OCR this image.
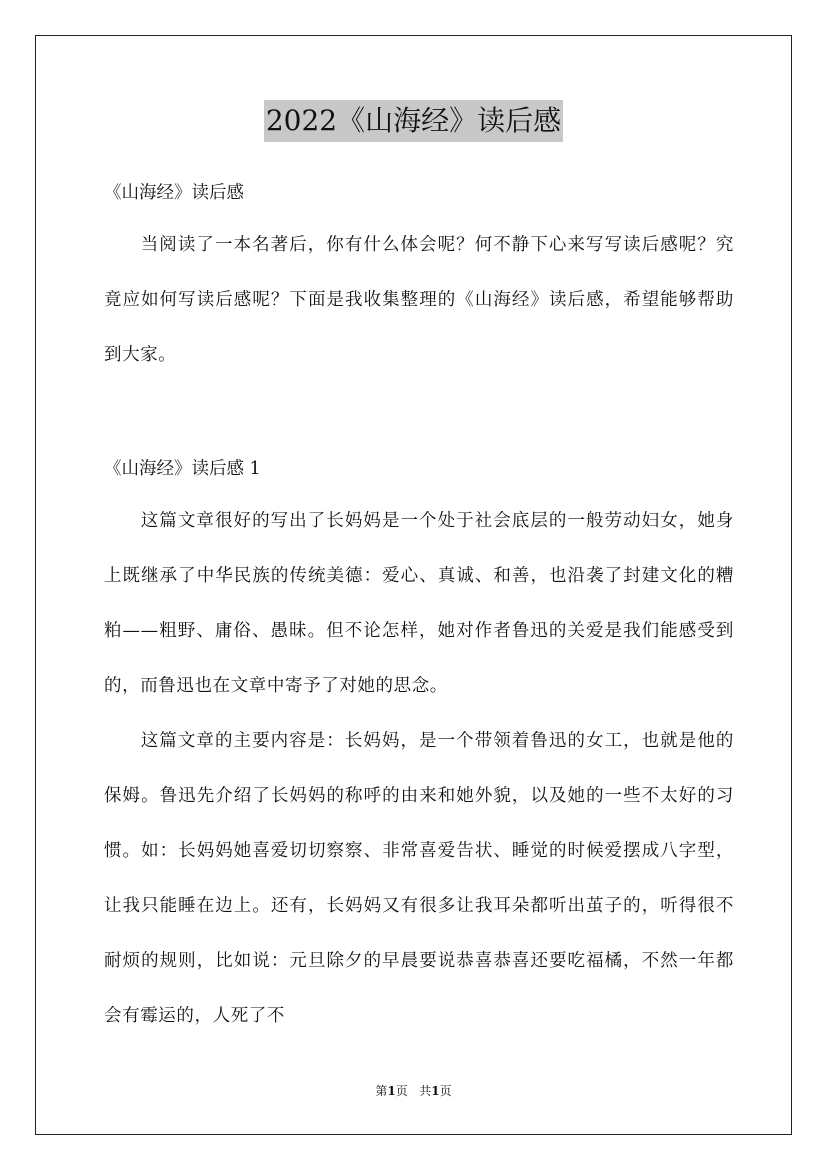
2022《山海经》读后感

《山海经》读后感

当阅读了一本名著后，你有什么体会呢？何不静下心来写写读后感呢？究竟应如何写读后感呢？下面是我收集整理的《山海经》读后感，希望能够帮助到大家。

《山海经》读后感 1

这篇文章很好的写出了长妈妈是一个处于社会底层的一般劳动妇女，她身上既继承了中华民族的传统美德：爱心、真诚、和善，也沿袭了封建文化的糟粕——粗野、庸俗、愚昧。但不论怎样，她对作者鲁迅的关爱是我们能感受到的，而鲁迅也在文章中寄予了对她的思念。

这篇文章的主要内容是：长妈妈，是一个带领着鲁迅的女工，也就是他的保姆。鲁迅先介绍了长妈妈的称呼的由来和她外貌，以及她的一些不太好的习惯。如：长妈妈她喜爱切切察察、非常喜爱告状、睡觉的时候爱摆成八字型，让我只能睡在边上。还有，长妈妈又有很多让我耳朵都听出茧子的，听得很不耐烦的规则，比如说：元旦除夕的早晨要说恭喜恭喜还要吃福橘，不然一年都会有霉运的，人死了不

第1页 共1页
